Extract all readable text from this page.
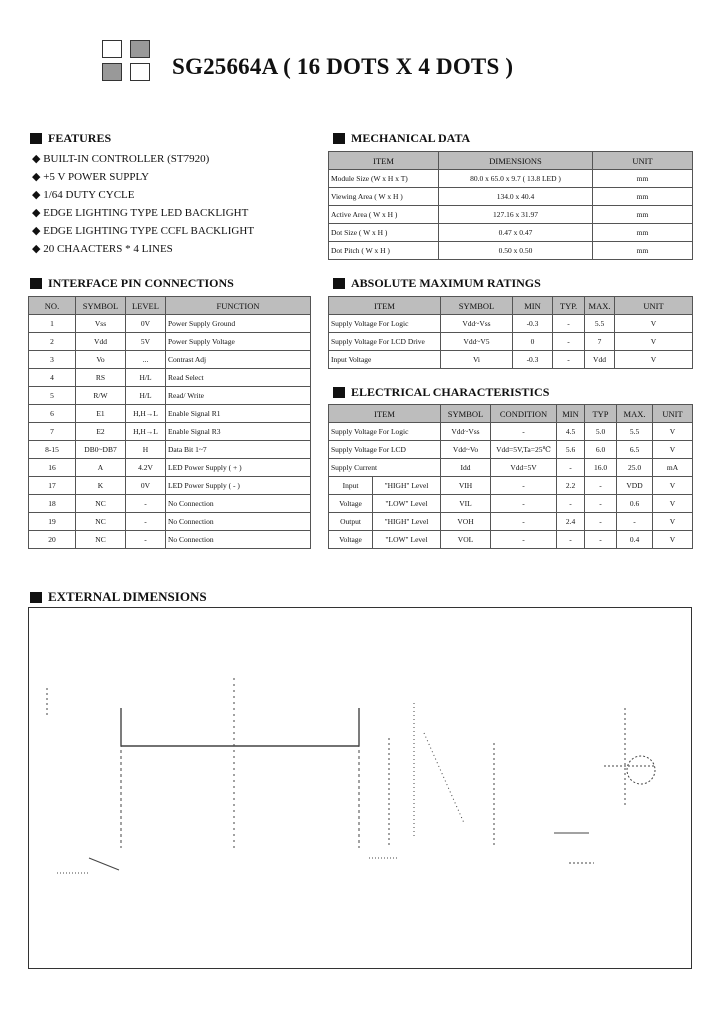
SG25664A ( 16 DOTS X 4 DOTS )
FEATURES
◆ BUILT-IN CONTROLLER (ST7920)
◆ +5 V POWER SUPPLY
◆ 1/64 DUTY CYCLE
◆ EDGE LIGHTING TYPE LED BACKLIGHT
◆ EDGE LIGHTING TYPE CCFL BACKLIGHT
◆ 20 CHAACTERS * 4 LINES
MECHANICAL DATA
ITEM	DIMENSIONS	UNIT
Module Size (W x H x T)	80.0 x 65.0 x 9.7 ( 13.8 LED )	mm
Viewing Area ( W x H )	134.0 x 40.4	mm
Active Area ( W x H )	127.16 x 31.97	mm
Dot Size ( W x H )	0.47 x 0.47	mm
Dot Pitch ( W x H )	0.50 x 0.50	mm
INTERFACE PIN CONNECTIONS
NO.	SYMBOL	LEVEL	FUNCTION
1	Vss	0V	Power Supply Ground
2	Vdd	5V	Power Supply Voltage
3	Vo	...	Contrast Adj
4	RS	H/L	Read Select
5	R/W	H/L	Read/ Write
6	E1	H,H→L	Enable Signal R1
7	E2	H,H→L	Enable Signal R3
8-15	DB0~DB7	H	Data Bit 1~7
16	A	4.2V	LED Power Supply ( + )
17	K	0V	LED Power Supply ( - )
18	NC	-	No Connection
19	NC	-	No Connection
20	NC	-	No Connection
ABSOLUTE MAXIMUM RATINGS
ITEM	SYMBOL	MIN	TYP.	MAX.	UNIT
Supply Voltage For Logic	Vdd~Vss	-0.3	-	5.5	V
Supply Voltage For LCD Drive	Vdd~V5	0	-	7	V
Input Voltage	Vi	-0.3	-	Vdd	V
ELECTRICAL CHARACTERISTICS
ITEM		SYMBOL	CONDITION	MIN	TYP	MAX.	UNIT
Supply Voltage For Logic		Vdd~Vss	-	4.5	5.0	5.5	V
Supply Voltage For LCD		Vdd~Vo	Vdd=5V,Ta=25℃	5.6	6.0	6.5	V
Supply Current		Idd	Vdd=5V	-	16.0	25.0	mA
Input	"HIGH" Level	VIH	-	2.2	-	VDD	V
Voltage	"LOW" Level	VIL	-	-	-	0.6	V
Output	"HIGH" Level	VOH	-	2.4	-	-	V
Voltage	"LOW" Level	VOL	-	-	-	0.4	V
EXTERNAL DIMENSIONS
